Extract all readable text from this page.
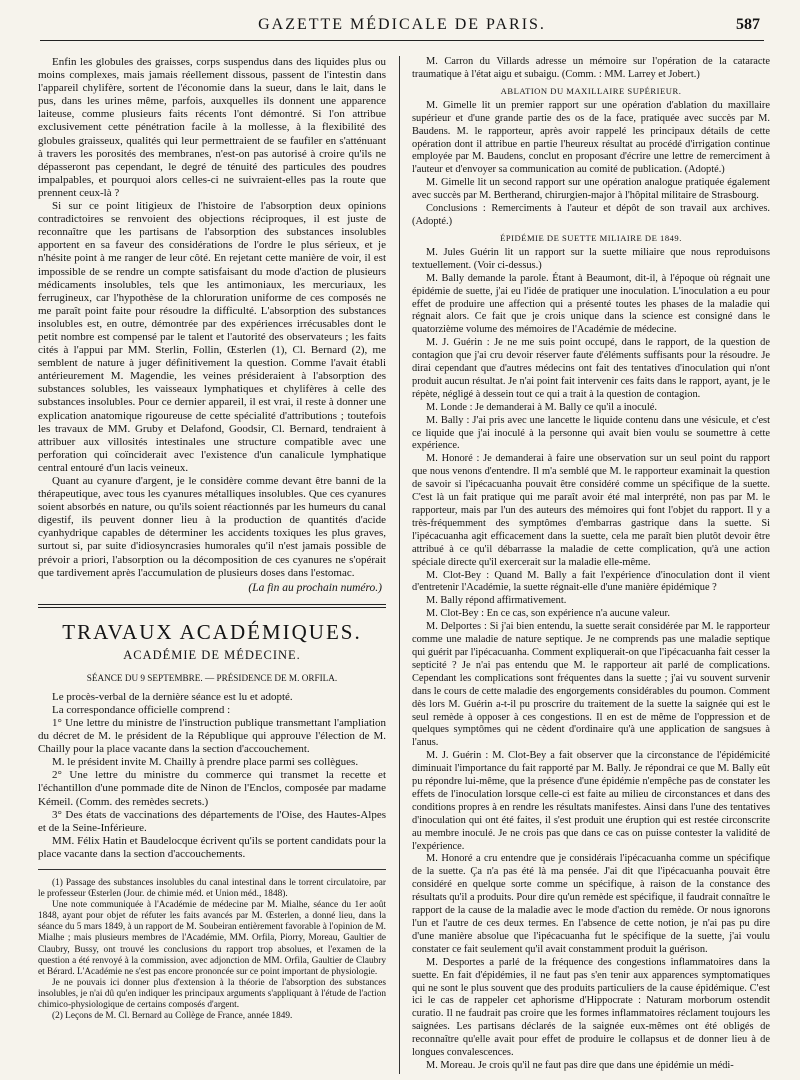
GAZETTE MÉDICALE DE PARIS.	587

Enfin les globules des graisses, corps suspendus dans des liquides plus ou moins complexes, mais jamais réellement dissous, passent de l'intestin dans l'appareil chylifère, sortent de l'économie dans la sueur, dans le lait, dans le pus, dans les urines même, parfois, auxquelles ils donnent une apparence laiteuse, comme plusieurs faits récents l'ont démontré. Si l'on attribue exclusivement cette pénétration facile à la mollesse, à la flexibilité des globules graisseux, qualités qui leur permettraient de se faufiler en s'atténuant à travers les porosités des membranes, n'est-on pas autorisé à croire qu'ils ne dépasseront pas cependant, le degré de ténuité des particules des poudres impalpables, et pourquoi alors celles-ci ne suivraient-elles pas la route que prennent ceux-là ?

Si sur ce point litigieux de l'histoire de l'absorption deux opinions contradictoires se renvoient des objections réciproques, il est juste de reconnaître que les partisans de l'absorption des substances insolubles apportent en sa faveur des considérations de l'ordre le plus sérieux, et je n'hésite point à me ranger de leur côté. En rejetant cette manière de voir, il est impossible de se rendre un compte satisfaisant du mode d'action de plusieurs médicaments insolubles, tels que les antimoniaux, les mercuriaux, les ferrugineux, car l'hypothèse de la chloruration uniforme de ces composés ne me paraît point faite pour résoudre la difficulté. L'absorption des substances insolubles est, en outre, démontrée par des expériences irrécusables dont le petit nombre est compensé par le talent et l'autorité des observateurs ; les faits cités à l'appui par MM. Sterlin, Follin, Œsterlen (1), Cl. Bernard (2), me semblent de nature à juger définitivement la question. Comme l'avait établi antérieurement M. Magendie, les veines présideraient à l'absorption des substances solubles, les vaisseaux lymphatiques et chylifères à celle des substances insolubles. Pour ce dernier appareil, il est vrai, il reste à donner une explication anatomique rigoureuse de cette spécialité d'attributions ; toutefois les travaux de MM. Gruby et Delafond, Goodsir, Cl. Bernard, tendraient à attribuer aux villosités intestinales une structure compatible avec une perforation qui coïnciderait avec l'existence d'un canalicule lymphatique central entouré d'un lacis veineux.

Quant au cyanure d'argent, je le considère comme devant être banni de la thérapeutique, avec tous les cyanures métalliques insolubles. Que ces cyanures soient absorbés en nature, ou qu'ils soient réactionnés par les humeurs du canal digestif, ils peuvent donner lieu à la production de quantités d'acide cyanhydrique capables de déterminer les accidents toxiques les plus graves, surtout si, par suite d'idiosyncrasies humorales qu'il n'est jamais possible de prévoir a priori, l'absorption ou la décomposition de ces cyanures ne s'opérait que tardivement après l'accumulation de plusieurs doses dans l'estomac.

(La fin au prochain numéro.)
TRAVAUX ACADÉMIQUES.
ACADÉMIE DE MÉDECINE.
SÉANCE DU 9 SEPTEMBRE. — PRÉSIDENCE DE M. ORFILA.

Le procès-verbal de la dernière séance est lu et adopté.

La correspondance officielle comprend :

1° Une lettre du ministre de l'instruction publique transmettant l'ampliation du décret de M. le président de la République qui approuve l'élection de M. Chailly pour la place vacante dans la section d'accouchement.

M. le président invite M. Chailly à prendre place parmi ses collègues.

2° Une lettre du ministre du commerce qui transmet la recette et l'échantillon d'une pommade dite de Ninon de l'Enclos, composée par madame Kémeil. (Comm. des remèdes secrets.)

3° Des états de vaccinations des départements de l'Oise, des Hautes-Alpes et de la Seine-Inférieure.

MM. Félix Hatin et Baudelocque écrivent qu'ils se portent candidats pour la place vacante dans la section d'accouchements.

(1) Passage des substances insolubles du canal intestinal dans le torrent circulatoire, par le professeur Œsterlen (Jour. de chimie méd. et Union méd., 1848).

Une note communiquée à l'Académie de médecine par M. Mialhe, séance du 1er août 1848, ayant pour objet de réfuter les faits avancés par M. Œsterlen, a donné lieu, dans la séance du 5 mars 1849, à un rapport de M. Soubeiran entièrement favorable à l'opinion de M. Mialhe ; mais plusieurs membres de l'Académie, MM. Orfila, Piorry, Moreau, Gaultier de Claubry, Bussy, ont trouvé les conclusions du rapport trop absolues, et l'examen de la question a été renvoyé à la commission, avec adjonction de MM. Orfila, Gaultier de Claubry et Bérard. L'Académie ne s'est pas encore prononcée sur ce point important de physiologie.

Je ne pouvais ici donner plus d'extension à la théorie de l'absorption des substances insolubles, je n'ai dû qu'en indiquer les principaux arguments s'appliquant à l'étude de l'action chimico-physiologique de certains composés d'argent.

(2) Leçons de M. Cl. Bernard au Collège de France, année 1849.

M. Carron du Villards adresse un mémoire sur l'opération de la cataracte traumatique à l'état aigu et subaigu. (Comm. : MM. Larrey et Jobert.)

ABLATION DU MAXILLAIRE SUPÉRIEUR.

M. Gimelle lit un premier rapport sur une opération d'ablation du maxillaire supérieur et d'une grande partie des os de la face, pratiquée avec succès par M. Baudens. M. le rapporteur, après avoir rappelé les principaux détails de cette opération dont il attribue en partie l'heureux résultat au procédé d'irrigation continue employée par M. Baudens, conclut en proposant d'écrire une lettre de remerciment à l'auteur et d'envoyer sa communication au comité de publication. (Adopté.)

M. Gimelle lit un second rapport sur une opération analogue pratiquée également avec succès par M. Bertherand, chirurgien-major à l'hôpital militaire de Strasbourg.

Conclusions : Remerciments à l'auteur et dépôt de son travail aux archives. (Adopté.)

ÉPIDÉMIE DE SUETTE MILIAIRE DE 1849.

M. Jules Guérin lit un rapport sur la suette miliaire que nous reproduisons textuellement. (Voir ci-dessus.)

M. Bally demande la parole. Étant à Beaumont, dit-il, à l'époque où régnait une épidémie de suette, j'ai eu l'idée de pratiquer une inoculation. L'inoculation a eu pour effet de produire une affection qui a présenté toutes les phases de la maladie qui régnait alors. Ce fait que je crois unique dans la science est consigné dans le quatorzième volume des mémoires de l'Académie de médecine.

M. J. Guérin : Je ne me suis point occupé, dans le rapport, de la question de contagion que j'ai cru devoir réserver faute d'éléments suffisants pour la résoudre. Je dirai cependant que d'autres médecins ont fait des tentatives d'inoculation qui n'ont produit aucun résultat. Je n'ai point fait intervenir ces faits dans le rapport, ayant, je le répète, négligé à dessein tout ce qui a trait à la question de contagion.

M. Londe : Je demanderai à M. Bally ce qu'il a inoculé.

M. Bally : J'ai pris avec une lancette le liquide contenu dans une vésicule, et c'est ce liquide que j'ai inoculé à la personne qui avait bien voulu se soumettre à cette expérience.

M. Honoré : Je demanderai à faire une observation sur un seul point du rapport que nous venons d'entendre. Il m'a semblé que M. le rapporteur examinait la question de savoir si l'ipécacuanha pouvait être considéré comme un spécifique de la suette. C'est là un fait pratique qui me paraît avoir été mal interprété, non pas par M. le rapporteur, mais par l'un des auteurs des mémoires qui font l'objet du rapport. Il y a très-fréquemment des symptômes d'embarras gastrique dans la suette. Si l'ipécacuanha agit efficacement dans la suette, cela me paraît bien plutôt devoir être attribué à ce qu'il débarrasse la maladie de cette complication, qu'à une action spéciale directe qu'il exercerait sur la maladie elle-même.

M. Clot-Bey : Quand M. Bally a fait l'expérience d'inoculation dont il vient d'entretenir l'Académie, la suette régnait-elle d'une manière épidémique ?

M. Bally répond affirmativement.

M. Clot-Bey : En ce cas, son expérience n'a aucune valeur.

M. Delportes : Si j'ai bien entendu, la suette serait considérée par M. le rapporteur comme une maladie de nature septique. Je ne comprends pas une maladie septique qui guérit par l'ipécacuanha. Comment expliquerait-on que l'ipécacuanha fait cesser la septicité ? Je n'ai pas entendu que M. le rapporteur ait parlé de complications. Cependant les complications sont fréquentes dans la suette ; j'ai vu souvent survenir dans le cours de cette maladie des engorgements considérables du poumon. Comment dès lors M. Guérin a-t-il pu proscrire du traitement de la suette la saignée qui est le seul remède à opposer à ces congestions. Il en est de même de l'oppression et de quelques symptômes qui ne cèdent d'ordinaire qu'à une application de sangsues à l'anus.

M. J. Guérin : M. Clot-Bey a fait observer que la circonstance de l'épidémicité diminuait l'importance du fait rapporté par M. Bally. Je répondrai ce que M. Bally eût pu répondre lui-même, que la présence d'une épidémie n'empêche pas de constater les effets de l'inoculation lorsque celle-ci est faite au milieu de circonstances et dans des conditions propres à en rendre les résultats manifestes. Ainsi dans l'une des tentatives d'inoculation qui ont été faites, il s'est produit une éruption qui est restée circonscrite au membre inoculé. Je ne crois pas que dans ce cas on puisse contester la validité de l'expérience.

M. Honoré a cru entendre que je considérais l'ipécacuanha comme un spécifique de la suette. Ça n'a pas été là ma pensée. J'ai dit que l'ipécacuanha pouvait être considéré en quelque sorte comme un spécifique, à raison de la constance des résultats qu'il a produits. Pour dire qu'un remède est spécifique, il faudrait connaître le rapport de la cause de la maladie avec le mode d'action du remède. Or nous ignorons l'un et l'autre de ces deux termes. En l'absence de cette notion, je n'ai pas pu dire d'une manière absolue que l'ipécacuanha fut le spécifique de la suette, j'ai voulu constater ce fait seulement qu'il avait constamment produit la guérison.

M. Desportes a parlé de la fréquence des congestions inflammatoires dans la suette. En fait d'épidémies, il ne faut pas s'en tenir aux apparences symptomatiques qui ne sont le plus souvent que des produits particuliers de la cause épidémique. C'est ici le cas de rappeler cet aphorisme d'Hippocrate : Naturam morborum ostendit curatio. Il ne faudrait pas croire que les formes inflammatoires réclament toujours les saignées. Les partisans déclarés de la saignée eux-mêmes ont été obligés de reconnaître qu'elle avait pour effet de produire le collapsus et de donner lieu à de longues convalescences.

M. Moreau. Je crois qu'il ne faut pas dire que dans une épidémie un médi-
